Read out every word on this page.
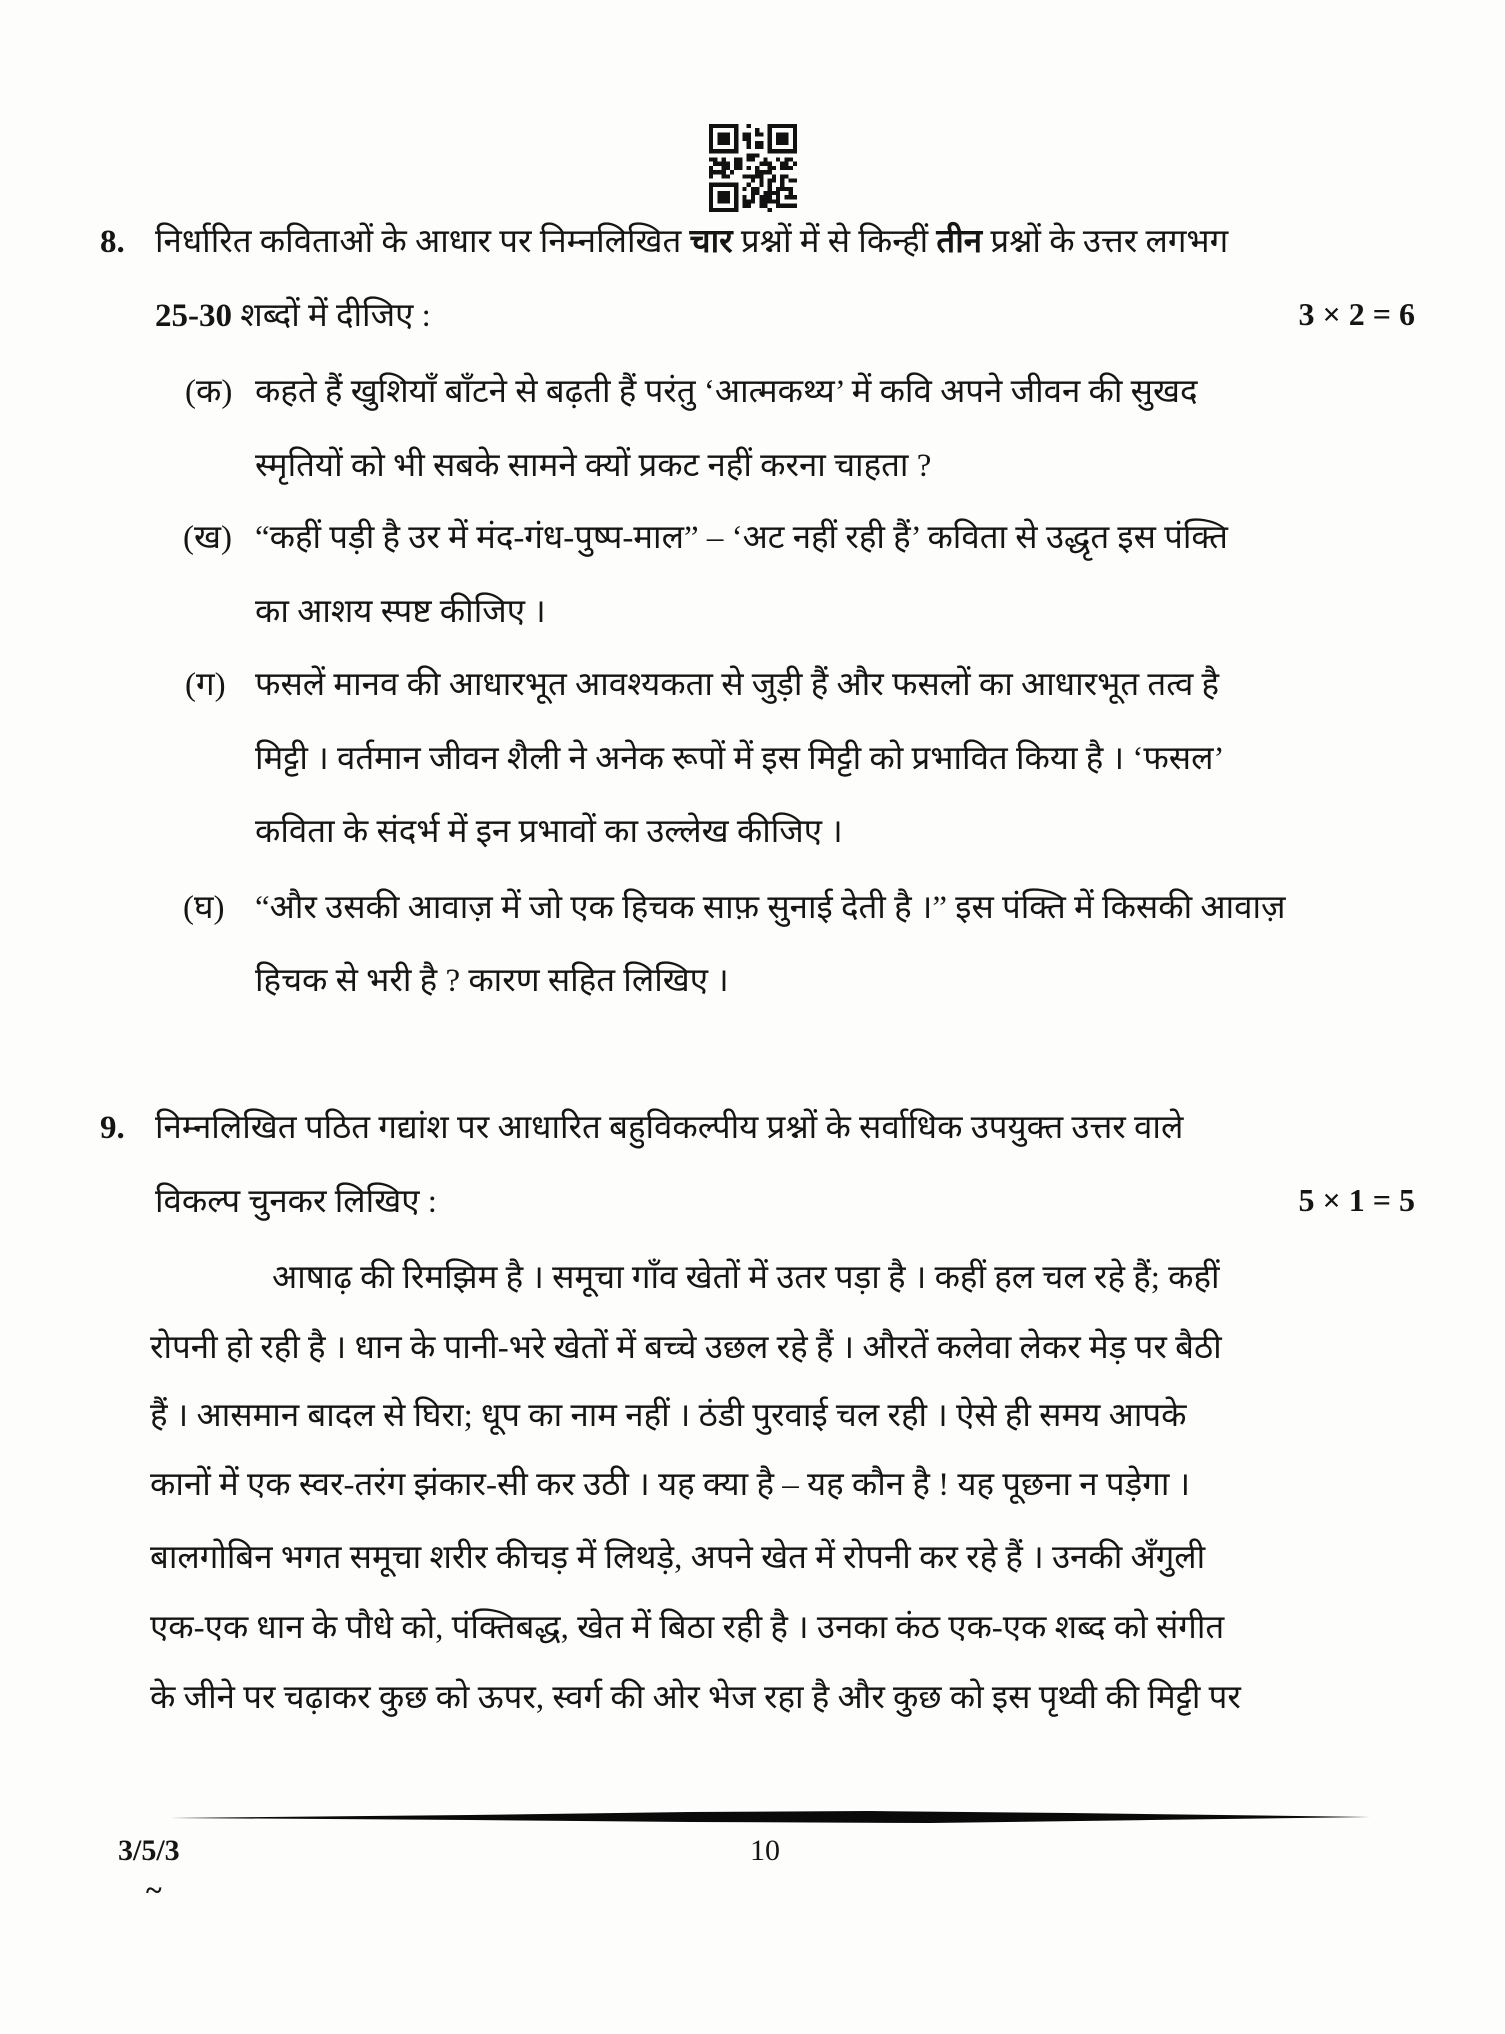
8. निर्धारित कविताओं के आधार पर निम्नलिखित चार प्रश्नों में से किन्हीं तीन प्रश्नों के उत्तर लगभग
25-30 शब्दों में दीजिए :	3 × 2 = 6
(क) कहते हैं खुशियाँ बाँटने से बढ़ती हैं परंतु ‘आत्मकथ्य’ में कवि अपने जीवन की सुखद
स्मृतियों को भी सबके सामने क्यों प्रकट नहीं करना चाहता ?
(ख) “कहीं पड़ी है उर में मंद-गंध-पुष्प-माल” – ‘अट नहीं रही हैं’ कविता से उद्धृत इस पंक्ति
का आशय स्पष्ट कीजिए ।
(ग) फसलें मानव की आधारभूत आवश्यकता से जुड़ी हैं और फसलों का आधारभूत तत्व है
मिट्टी । वर्तमान जीवन शैली ने अनेक रूपों में इस मिट्टी को प्रभावित किया है । ‘फसल’
कविता के संदर्भ में इन प्रभावों का उल्लेख कीजिए ।
(घ) “और उसकी आवाज़ में जो एक हिचक साफ़ सुनाई देती है ।” इस पंक्ति में किसकी आवाज़
हिचक से भरी है ? कारण सहित लिखिए ।
9. निम्नलिखित पठित गद्यांश पर आधारित बहुविकल्पीय प्रश्नों के सर्वाधिक उपयुक्त उत्तर वाले
विकल्प चुनकर लिखिए :	5 × 1 = 5
आषाढ़ की रिमझिम है । समूचा गाँव खेतों में उतर पड़ा है । कहीं हल चल रहे हैं; कहीं
रोपनी हो रही है । धान के पानी-भरे खेतों में बच्चे उछल रहे हैं । औरतें कलेवा लेकर मेड़ पर बैठी
हैं । आसमान बादल से घिरा; धूप का नाम नहीं । ठंडी पुरवाई चल रही । ऐसे ही समय आपके
कानों में एक स्वर-तरंग झंकार-सी कर उठी । यह क्या है – यह कौन है ! यह पूछना न पड़ेगा ।
बालगोबिन भगत समूचा शरीर कीचड़ में लिथड़े, अपने खेत में रोपनी कर रहे हैं । उनकी अँगुली
एक-एक धान के पौधे को, पंक्तिबद्ध, खेत में बिठा रही है । उनका कंठ एक-एक शब्द को संगीत
के जीने पर चढ़ाकर कुछ को ऊपर, स्वर्ग की ओर भेज रहा है और कुछ को इस पृथ्वी की मिट्टी पर
3/5/3	10
~
